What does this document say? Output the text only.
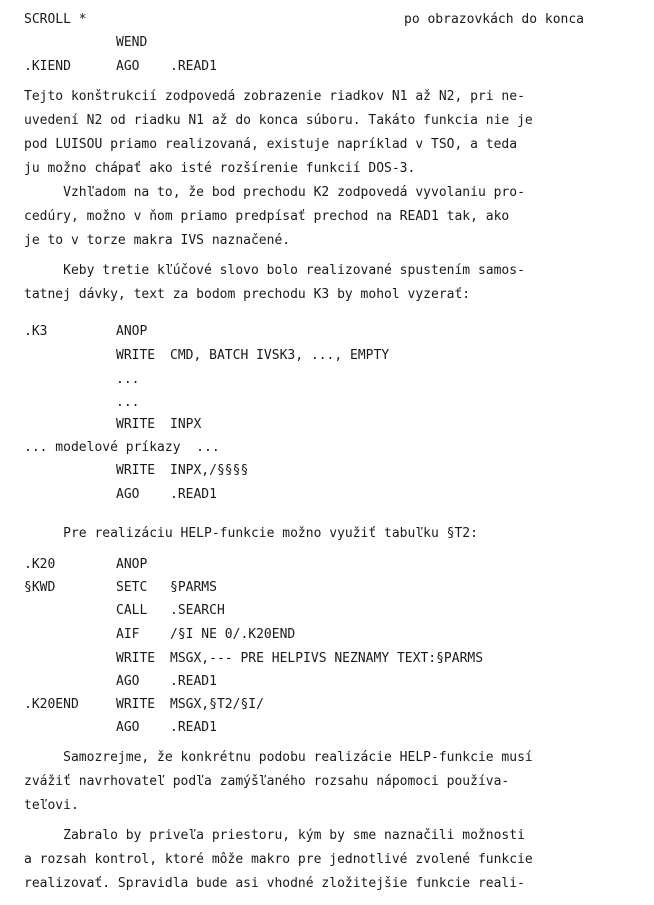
SCROLL *	po obrazovkách do konca
WEND
.KIEND	AGO .READ1
Tejto konštrukcií zodpovedá zobrazenie riadkov N1 až N2, pri ne-
uvedení N2 od riadku N1 až do konca súboru. Takáto funkcia nie je
pod LUISOU priamo realizovaná, existuje napríklad v TSO, a teda
ju možno chápať ako isté rozšírenie funkcií DOS-3.
Vzhľadom na to, že bod prechodu K2 zodpovedá vyvolaniu pro-
cedúry, možno v ňom priamo predpísať prechod na READ1 tak, ako
je to v torze makra IVS naznačené.
Keby tretie kľúčové slovo bolo realizované spustením samos-
tatnej dávky, text za bodom prechodu K3 by mohol vyzerať:
.K3	ANOP
WRITE CMD, BATCH IVSK3, ..., EMPTY
...
...
WRITE INPX
... modelové príkazy  ...
WRITE INPX,/§§§§
AGO .READ1
Pre realizáciu HELP-funkcie možno využiť tabuľku §T2:
.K20	ANOP
§KWD	SETC §PARMS
CALL .SEARCH
AIF /§I NE 0/.K20END
WRITE MSGX,--- PRE HELPIVS NEZNAMY TEXT:§PARMS
AGO .READ1
.K20END	WRITE MSGX,§T2/§I/
AGO .READ1
Samozrejme, že konkrétnu podobu realizácie HELP-funkcie musí
zvážiť navrhovateľ podľa zamýšľaného rozsahu nápomoci používa-
teľovi.
Zabralo by priveľa priestoru, kým by sme naznačili možnosti
a rozsah kontrol, ktoré môže makro pre jednotlivé zvolené funkcie
realizovať. Spravidla bude asi vhodné zložitejšie funkcie reali-
